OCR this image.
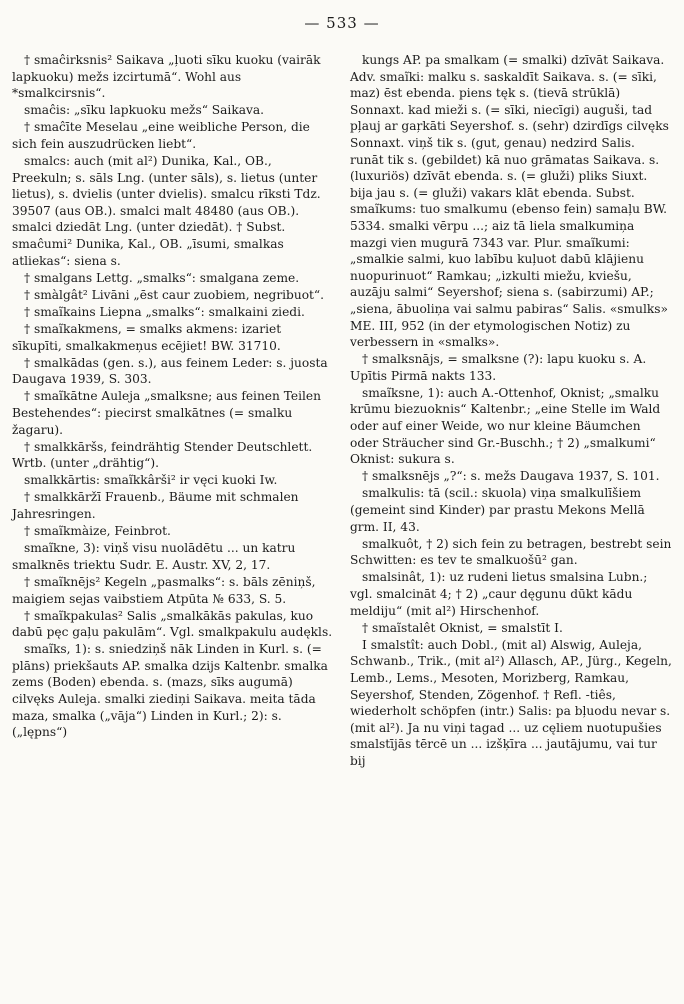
— 533 —

† smaĉirksnis² Saikava „ļuoti sīku kuoku (vairāk lapkuoku) mežs izcirtumā“. Wohl aus *smalkcirsnis“.

smaĉis: „sīku lapkuoku mežs“ Saikava.

† smaĉīte Meselau „eine weibliche Person, die sich fein auszudrücken liebt“.

smalcs: auch (mit al²) Dunika, Kal., OB., Preekuln; s. sāls Lng. (unter sāls), s. lietus (unter lietus), s. dvielis (unter dvielis). smalcu rīksti Tdz. 39507 (aus OB.). smalci malt 48480 (aus OB.). smalci dziedāt Lng. (unter dziedāt). † Subst. smaĉumi² Dunika, Kal., OB. „īsumi, smalkas atliekas“: siena s.

† smalgans Lettg. „smalks“: smalgana zeme.

† smàlgât² Livāni „ēst caur zuobiem, negribuot“.

† smaĩkains Liepna „smalks“: smalkaini ziedi.

† smaĩkakmens, = smalks akmens: izariet sīkupīti, smalkakmeņus ecējiet! BW. 31710.

† smalkādas (gen. s.), aus feinem Leder: s. juosta Daugava 1939, S. 303.

† smaĩkātne Auleja „smalksne; aus feinen Teilen Bestehendes“: piecirst smalkātnes (= smalku žagaru).

† smalkkāršs, feindrähtig Stender Deutschlett. Wrtb. (unter „drähtig“).

smalkkārtis: smaĩkkârši² ir vęci kuoki Iw.

† smalkkāržī Frauenb., Bäume mit schmalen Jahresringen.

† smaĩkmàize, Feinbrot.

smaĩkne, 3): viņš visu nuolādētu ... un katru smalknēs triektu Sudr. E. Austr. XV, 2, 17.

† smaĩknējs² Kegeln „pasmalks“: s. bāls zēniņš, maigiem sejas vaibstiem Atpūta № 633, S. 5.

† smaĩkpakulas² Salis „smalkākās pakulas, kuo dabū pęc gaļu pakulām“. Vgl. smalkpakulu audękls.

smaĩks, 1): s. sniedziņš nāk Linden in Kurl. s. (= plāns) priekšauts AP. smalka dzijs Kaltenbr. smalka zems (Boden) ebenda. s. (mazs, sīks augumā) cilvęks Auleja. smalki ziediņi Saikava. meita tāda maza, smalka („vāja“) Linden in Kurl.; 2): s. („lępns“)

kungs AP. pa smalkam (= smalki) dzīvāt Saikava. Adv. smaĩki: malku s. saskaldīt Saikava. s. (= sīki, maz) ēst ebenda. piens tęk s. (tievā strūklā) Sonnaxt. kad mieži s. (= sīki, niecīgi) auguši, tad pļauj ar gaŗkāti Seyershof. s. (sehr) dzirdīgs cilvęks Sonnaxt. viņš tik s. (gut, genau) nedzird Salis. runāt tik s. (gebildet) kā nuo grāmatas Saikava. s. (luxuriös) dzīvāt ebenda. s. (= gluži) pliks Siuxt. bija jau s. (= gluži) vakars klāt ebenda. Subst. smaĩkums: tuo smalkumu (ebenso fein) samaļu BW. 5334. smalki vērpu ...; aiz tā liela smalkumiņa mazgi vien mugurā 7343 var. Plur. smaĩkumi: „smalkie salmi, kuo labību kuļuot dabū klājienu nuopurinuot“ Ramkau; „izkulti miežu, kviešu, auzāju salmi“ Seyershof; siena s. (sabirzumi) AP.; „siena, ābuoliņa vai salmu pabiras“ Salis. «smulks» ME. III, 952 (in der etymologischen Notiz) zu verbessern in «smalks».

† smalksnājs, = smalksne (?): lapu kuoku s. A. Upītis Pirmā nakts 133.

smaĩksne, 1): auch A.-Ottenhof, Oknist; „smalku krūmu biezuoknis“ Kaltenbr.; „eine Stelle im Wald oder auf einer Weide, wo nur kleine Bäumchen oder Sträucher sind Gr.-Buschh.; † 2) „smalkumi“ Oknist: sukura s.

† smalksnējs „?“: s. mežs Daugava 1937, S. 101.

smalkulis: tā (scil.: skuola) viņa smalkulīšiem (gemeint sind Kinder) par prastu Mekons Mellā grm. II, 43.

smalkuôt, † 2) sich fein zu betragen, bestrebt sein Schwitten: es tev te smalkuošū² gan.

smalsinât, 1): uz rudeni lietus smalsina Lubn.; vgl. smalcināt 4; † 2) „caur dęgunu dūkt kādu meldiju“ (mit al²) Hirschenhof.

† smaĩstalêt Oknist, = smalstīt I.

I smalstît: auch Dobl., (mit al) Alswig, Auleja, Schwanb., Trik., (mit al²) Allasch, AP., Jürg., Kegeln, Lemb., Lems., Mesoten, Morizberg, Ramkau, Seyershof, Stenden, Zögenhof. † Refl. -tiês, wiederholt schöpfen (intr.) Salis: pa bļuodu nevar s. (mit al²). Ja nu viņi tagad ... uz cęliem nuotupušies smalstījās tērcē un ... izšķīra ... jautājumu, vai tur bij
